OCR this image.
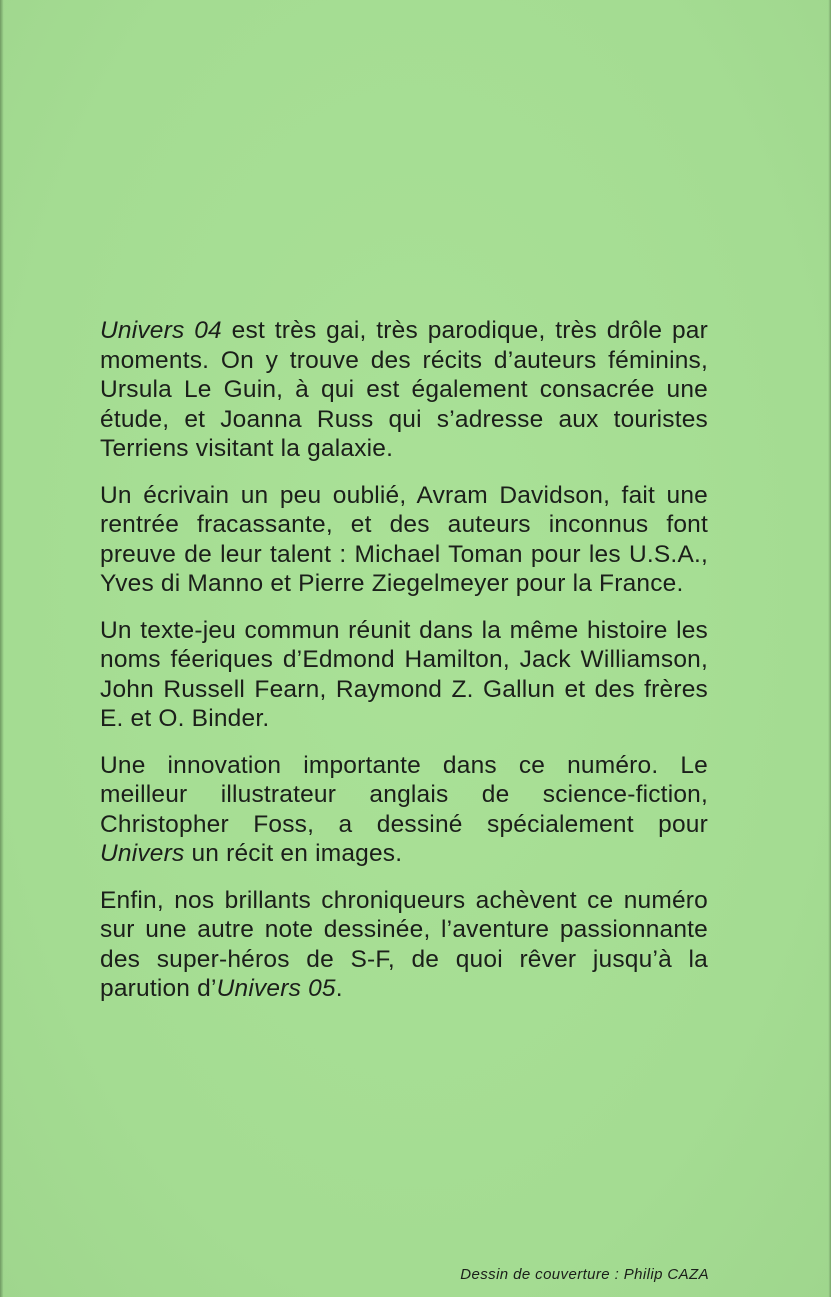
Univers 04 est très gai, très parodique, très drôle par moments. On y trouve des récits d’auteurs féminins, Ursula Le Guin, à qui est également consacrée une étude, et Joanna Russ qui s’adresse aux touristes Terriens visitant la galaxie.

Un écrivain un peu oublié, Avram Davidson, fait une rentrée fracassante, et des auteurs inconnus font preuve de leur talent : Michael Toman pour les U.S.A., Yves di Manno et Pierre Ziegelmeyer pour la France.

Un texte-jeu commun réunit dans la même histoire les noms féeriques d’Edmond Hamilton, Jack Williamson, John Russell Fearn, Raymond Z. Gallun et des frères E. et O. Binder.

Une innovation importante dans ce numéro. Le meilleur illustrateur anglais de science-fiction, Christopher Foss, a dessiné spécialement pour Univers un récit en images.

Enfin, nos brillants chroniqueurs achèvent ce numéro sur une autre note dessinée, l’aventure passionnante des super-héros de S-F, de quoi rêver jusqu’à la parution d’Univers 05.

Dessin de couverture : Philip CAZA
